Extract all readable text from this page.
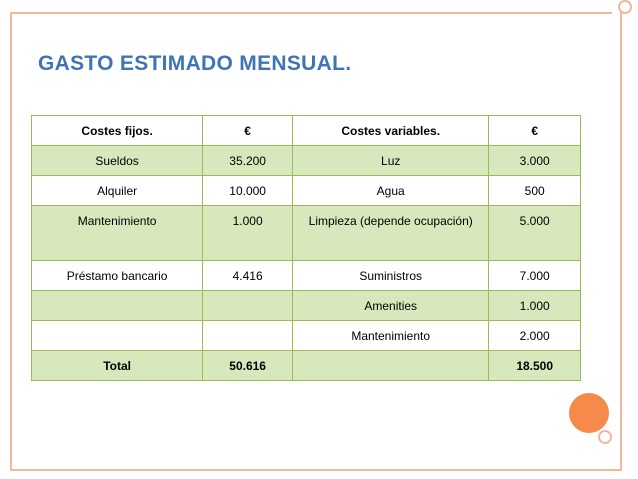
GASTO ESTIMADO MENSUAL.
Costes fijos.	€	Costes variables.	€
Sueldos	35.200	Luz	3.000
Alquiler	10.000	Agua	500
Mantenimiento	1.000	Limpieza (depende ocupación)	5.000
Préstamo bancario	4.416	Suministros	7.000
		Amenities	1.000
		Mantenimiento	2.000
Total	50.616		18.500
